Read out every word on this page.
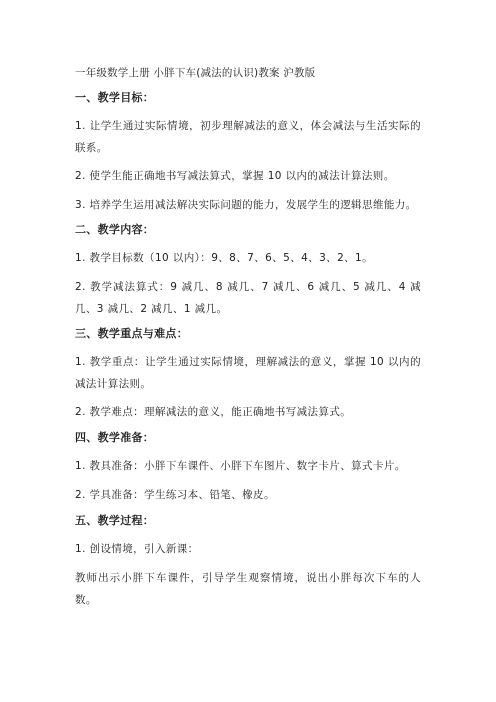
一年级数学上册 小胖下车(减法的认识)教案 沪教版
一、教学目标：
1. 让学生通过实际情境，初步理解减法的意义，体会减法与生活实际的联系。
2. 使学生能正确地书写减法算式，掌握 10 以内的减法计算法则。
3. 培养学生运用减法解决实际问题的能力，发展学生的逻辑思维能力。
二、教学内容：
1. 教学目标数（10 以内）：9、8、7、6、5、4、3、2、1。
2. 教学减法算式：9 减几、8 减几、7 减几、6 减几、5 减几、4 减几、3 减几、2 减几、1 减几。
三、教学重点与难点：
1. 教学重点：让学生通过实际情境，理解减法的意义，掌握 10 以内的减法计算法则。
2. 教学难点：理解减法的意义，能正确地书写减法算式。
四、教学准备：
1. 教具准备：小胖下车课件、小胖下车图片、数字卡片、算式卡片。
2. 学具准备：学生练习本、铅笔、橡皮。
五、教学过程：
1. 创设情境，引入新课：
教师出示小胖下车课件，引导学生观察情境，说出小胖每次下车的人数。
